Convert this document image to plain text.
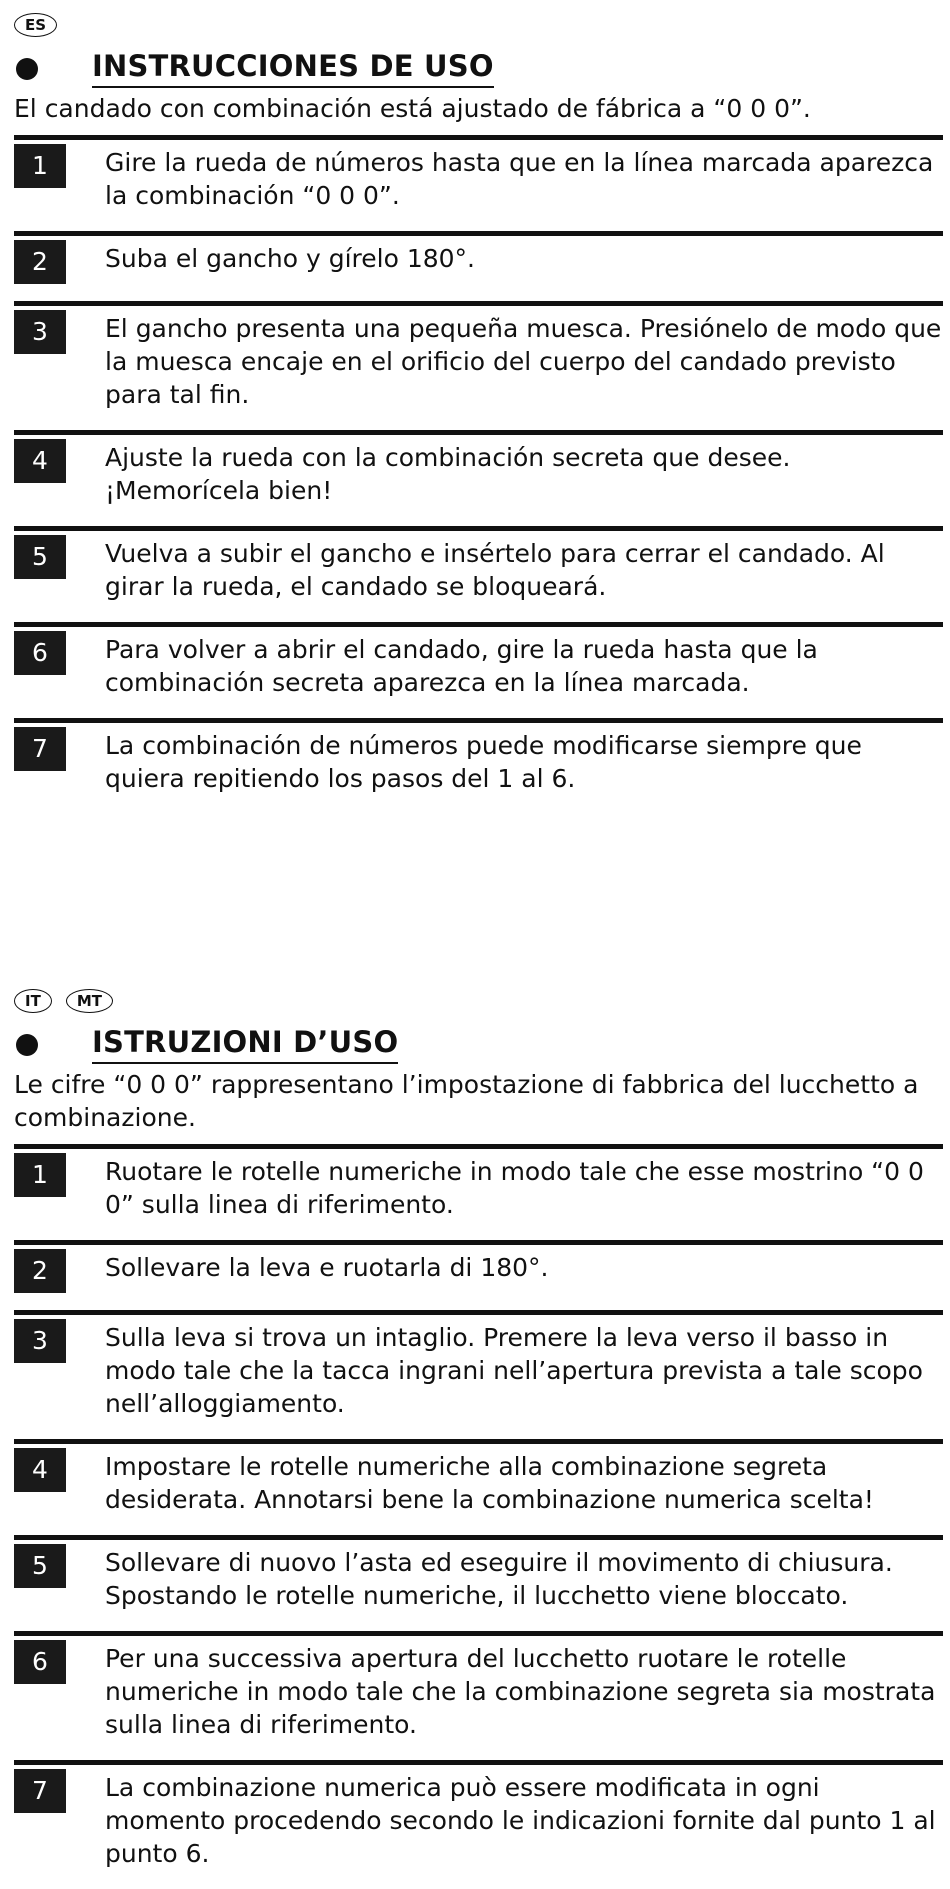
ES
INSTRUCCIONES DE USO

El candado con combinación está ajustado de fábrica a “0 0 0”.

1	Gire la rueda de números hasta que en la línea marcada aparezca la combinación “0 0 0”.

2	Suba el gancho y gírelo 180°.

3	El gancho presenta una pequeña muesca. Presiónelo de modo que la muesca encaje en el orificio del cuerpo del candado previsto para tal fin.

4	Ajuste la rueda con la combinación secreta que desee. ¡Memorícela bien!

5	Vuelva a subir el gancho e insértelo para cerrar el candado. Al girar la rueda, el candado se bloqueará.

6	Para volver a abrir el candado, gire la rueda hasta que la combinación secreta aparezca en la línea marcada.

7	La combinación de números puede modificarse siempre que quiera repitiendo los pasos del 1 al 6.

IT	MT
ISTRUZIONI D’USO

Le cifre “0 0 0” rappresentano l’impostazione di fabbrica del lucchetto a combinazione.

1	Ruotare le rotelle numeriche in modo tale che esse mostrino “0 0 0” sulla linea di riferimento.

2	Sollevare la leva e ruotarla di 180°.

3	Sulla leva si trova un intaglio. Premere la leva verso il basso in modo tale che la tacca ingrani nell’apertura prevista a tale scopo nell’alloggiamento.

4	Impostare le rotelle numeriche alla combinazione segreta desiderata. Annotarsi bene la combinazione numerica scelta!

5	Sollevare di nuovo l’asta ed eseguire il movimento di chiusura. Spostando le rotelle numeriche, il lucchetto viene bloccato.

6	Per una successiva apertura del lucchetto ruotare le rotelle numeriche in modo tale che la combinazione segreta sia mostrata sulla linea di riferimento.

7	La combinazione numerica può essere modificata in ogni momento procedendo secondo le indicazioni fornite dal punto 1 al punto 6.
